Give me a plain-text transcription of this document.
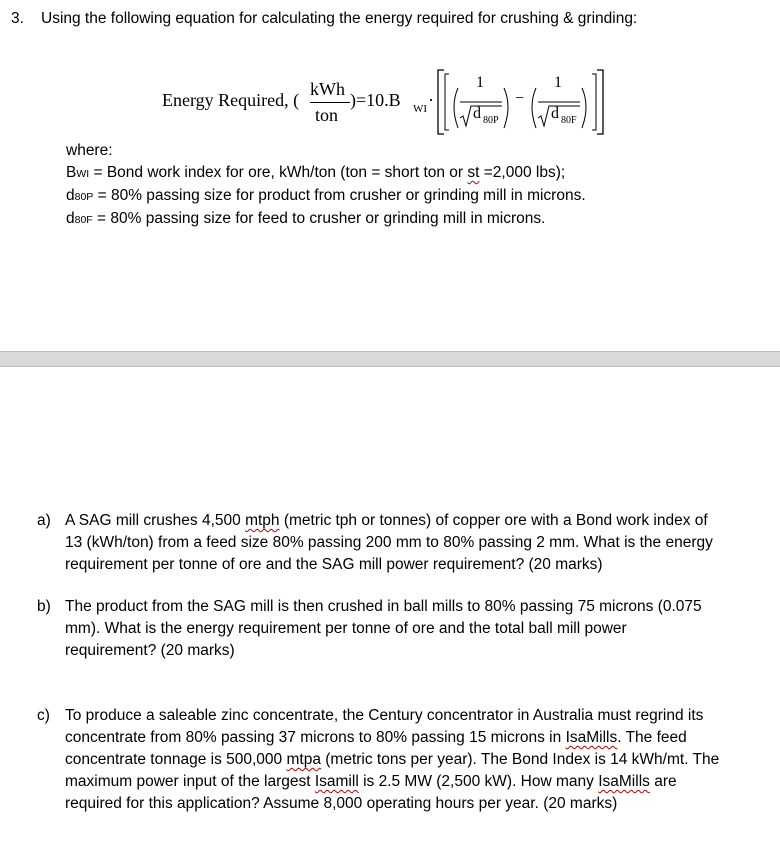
3. Using the following equation for calculating the energy required for crushing & grinding:
Energy Required, (
kWh
ton
)=10.B WI ·
1
d 80P
−
1
d 80F
where:
BWI = Bond work index for ore, kWh/ton (ton = short ton or st =2,000 lbs);
d80P = 80% passing size for product from crusher or grinding mill in microns.
d80F = 80% passing size for feed to crusher or grinding mill in microns.
a) A SAG mill crushes 4,500 mtph (metric tph or tonnes) of copper ore with a Bond work index of
13 (kWh/ton) from a feed size 80% passing 200 mm to 80% passing 2 mm. What is the energy
requirement per tonne of ore and the SAG mill power requirement? (20 marks)
b) The product from the SAG mill is then crushed in ball mills to 80% passing 75 microns (0.075
mm). What is the energy requirement per tonne of ore and the total ball mill power
requirement? (20 marks)
c) To produce a saleable zinc concentrate, the Century concentrator in Australia must regrind its
concentrate from 80% passing 37 microns to 80% passing 15 microns in IsaMills. The feed
concentrate tonnage is 500,000 mtpa (metric tons per year). The Bond Index is 14 kWh/mt. The
maximum power input of the largest Isamill is 2.5 MW (2,500 kW). How many IsaMills are
required for this application? Assume 8,000 operating hours per year. (20 marks)
